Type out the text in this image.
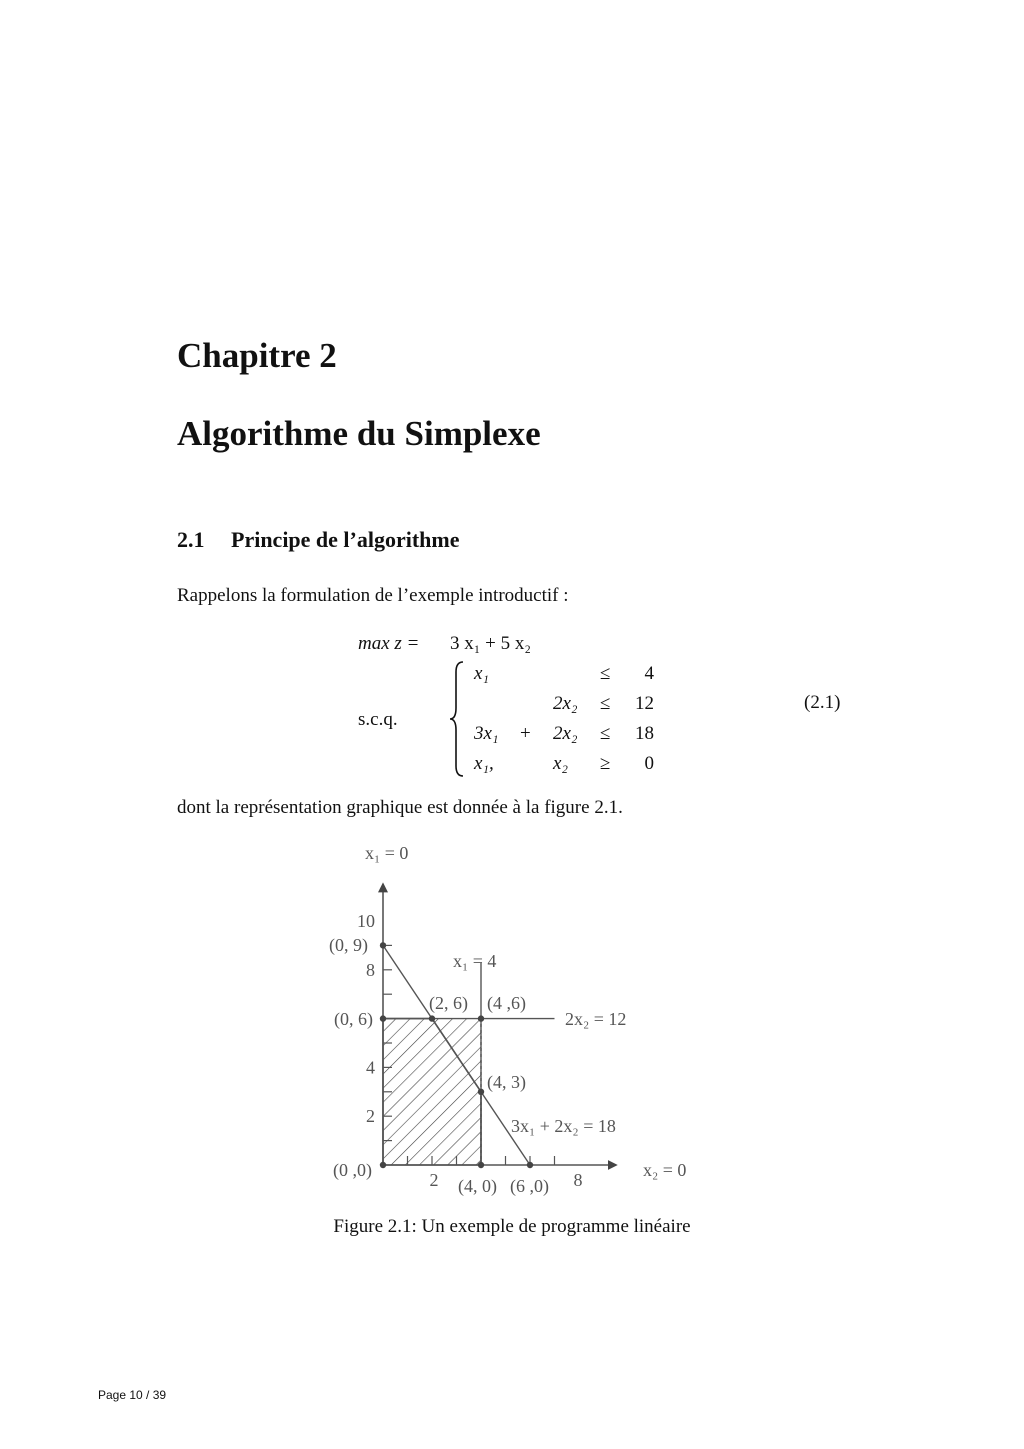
Chapitre 2
Algorithme du Simplexe
2.1 Principe de l’algorithme
Rappelons la formulation de l’exemple introductif :
max z = 3 x₁ + 5 x₂
s.c.q.
(2.1)
x₁	≤	4
2x₂ ≤ 12
3x₁ + 2x₂ ≤ 18
x₁,	x₂ ≥	0
dont la représentation graphique est donnée à la figure 2.1.
2	8
2
4
8
10
x₁ = 0
x₂ = 0
x₁ = 4
2x₂ = 12
3x₁ + 2x₂ = 18
(0 ,0)
(0, 6)
(0, 9)
(2, 6) (4 ,6)
(4, 3)
(4, 0) (6 ,0)
Figure 2.1: Un exemple de programme linéaire
Page 10 / 39
